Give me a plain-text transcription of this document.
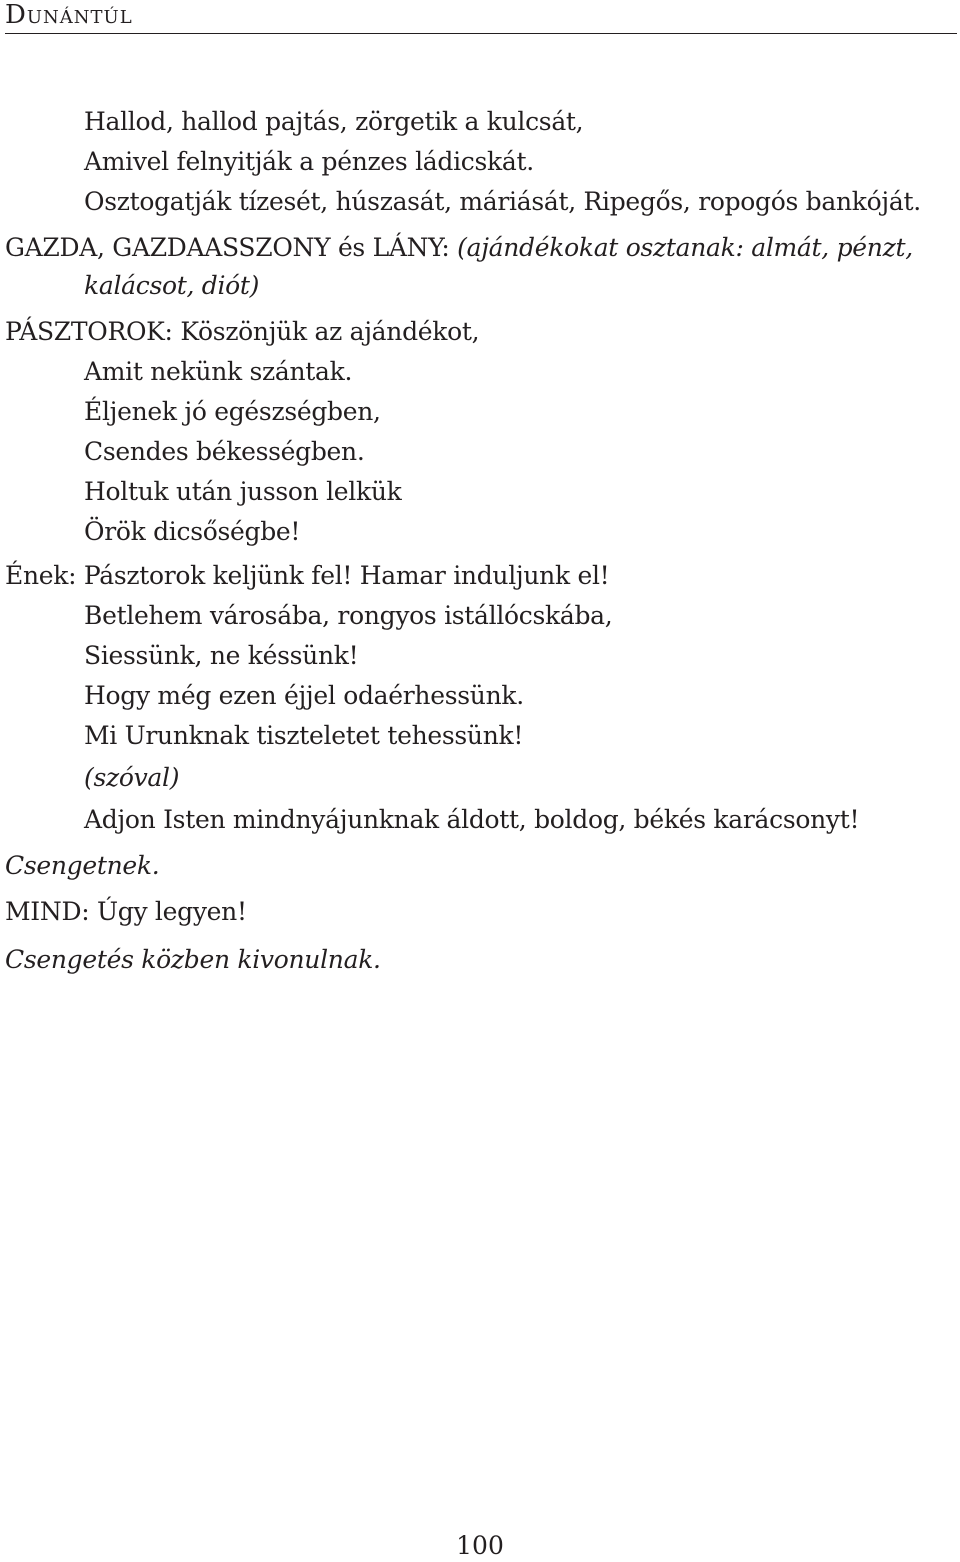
Dunántúl
Hallod, hallod pajtás, zörgetik a kulcsát,
Amivel felnyitják a pénzes ládicskát.
Osztogatják tízesét, húszasát, máriását, Ripegős, ropogós bankóját.
GAZDA, GAZDAASSZONY és LÁNY: (ajándékokat osztanak: almát, pénzt,
kalácsot, diót)
PÁSZTOROK: Köszönjük az ajándékot,
Amit nekünk szántak.
Éljenek jó egészségben,
Csendes békességben.
Holtuk után jusson lelkük
Örök dicsőségbe!
Ének: Pásztorok keljünk fel! Hamar induljunk el!
Betlehem városába, rongyos istállócskába,
Siessünk, ne késsünk!
Hogy még ezen éjjel odaérhessünk.
Mi Urunknak tiszteletet tehessünk!
(szóval)
Adjon Isten mindnyájunknak áldott, boldog, békés karácsonyt!
Csengetnek.
MIND: Úgy legyen!
Csengetés közben kivonulnak.
100
